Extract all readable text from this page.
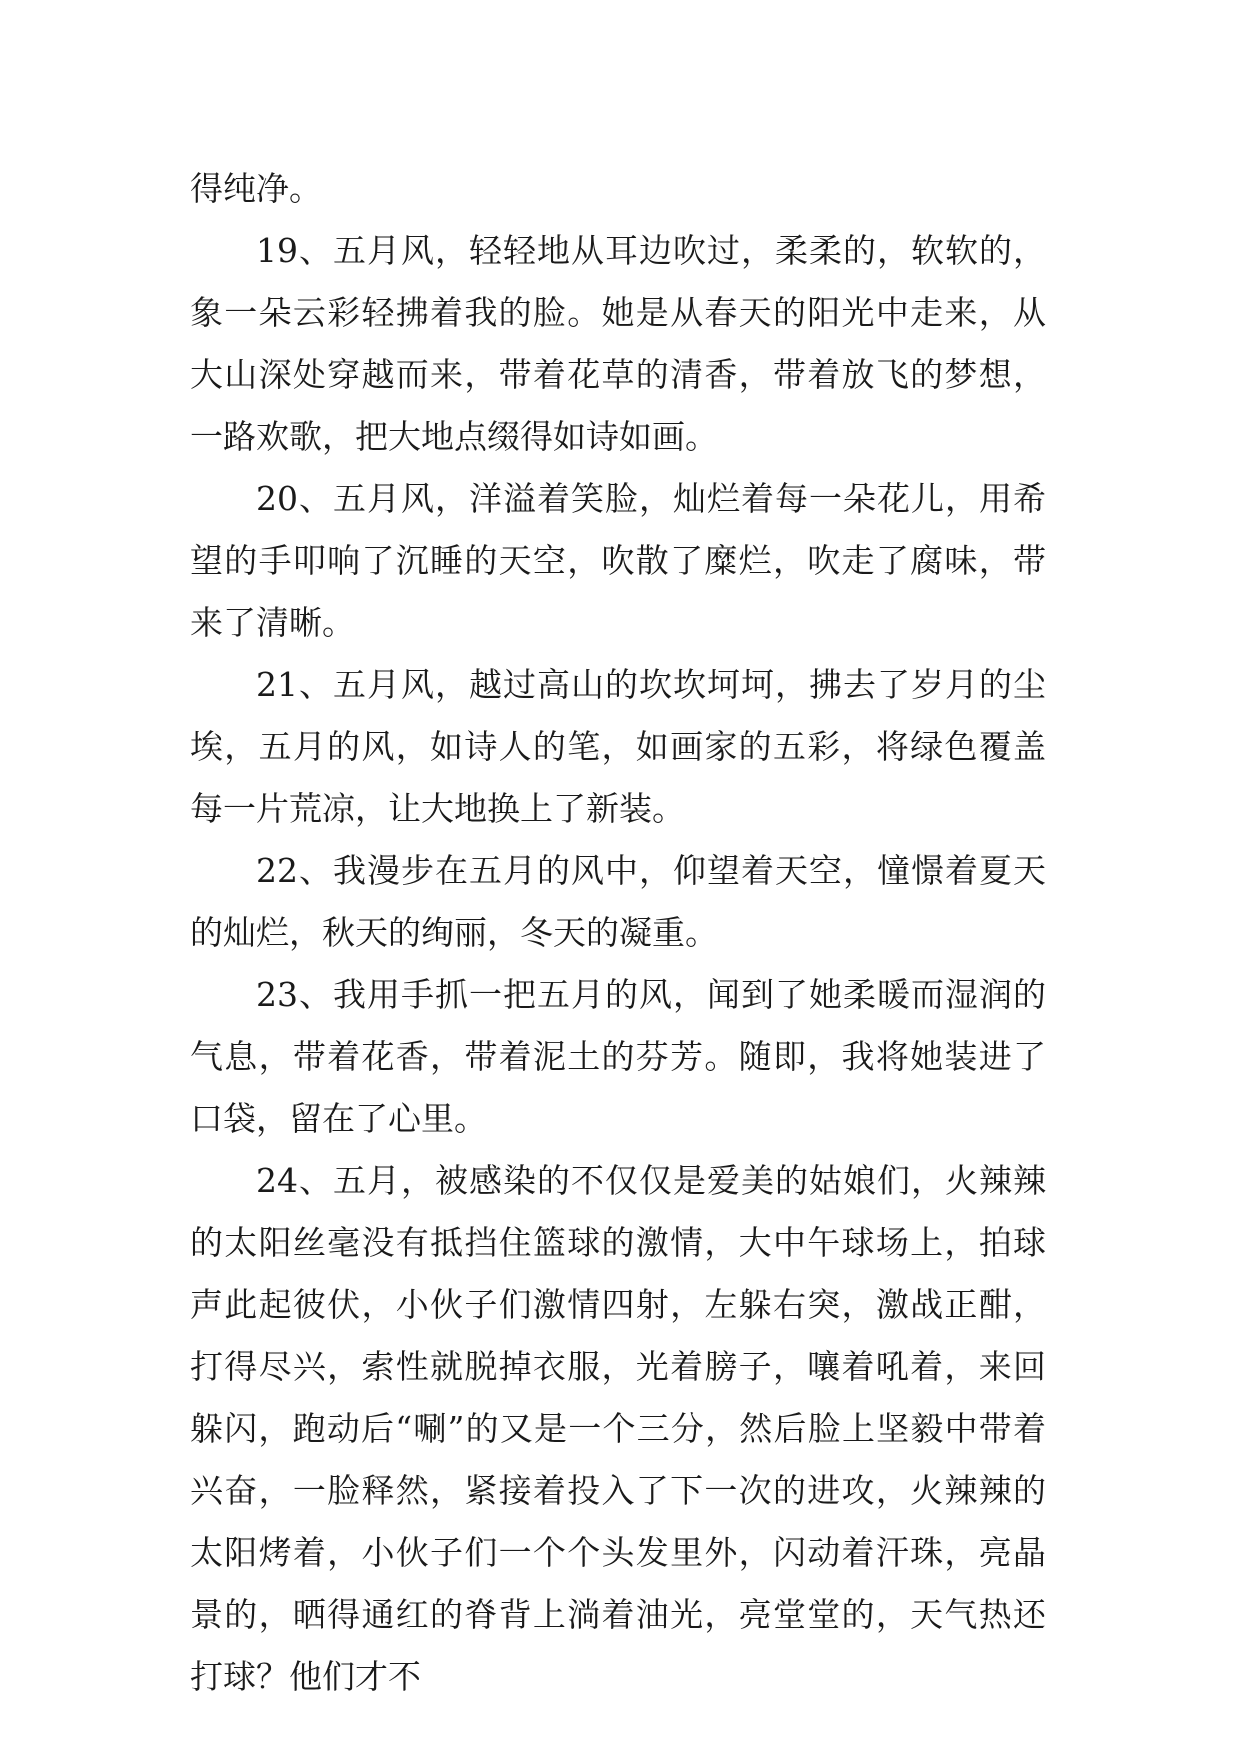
得纯净。

19、五月风，轻轻地从耳边吹过，柔柔的，软软的，象一朵云彩轻拂着我的脸。她是从春天的阳光中走来，从大山深处穿越而来，带着花草的清香，带着放飞的梦想，一路欢歌，把大地点缀得如诗如画。

20、五月风，洋溢着笑脸，灿烂着每一朵花儿，用希望的手叩响了沉睡的天空，吹散了糜烂，吹走了腐味，带来了清晰。

21、五月风，越过高山的坎坎坷坷，拂去了岁月的尘埃，五月的风，如诗人的笔，如画家的五彩，将绿色覆盖每一片荒凉，让大地换上了新装。

22、我漫步在五月的风中，仰望着天空，憧憬着夏天的灿烂，秋天的绚丽，冬天的凝重。

23、我用手抓一把五月的风，闻到了她柔暖而湿润的气息，带着花香，带着泥土的芬芳。随即，我将她装进了口袋，留在了心里。

24、五月，被感染的不仅仅是爱美的姑娘们，火辣辣的太阳丝毫没有抵挡住篮球的激情，大中午球场上，拍球声此起彼伏，小伙子们激情四射，左躲右突，激战正酣，打得尽兴，索性就脱掉衣服，光着膀子，嚷着吼着，来回躲闪，跑动后“唰”的又是一个三分，然后脸上坚毅中带着兴奋，一脸释然，紧接着投入了下一次的进攻，火辣辣的太阳烤着，小伙子们一个个头发里外，闪动着汗珠，亮晶景的，晒得通红的脊背上淌着油光，亮堂堂的，天气热还打球？他们才不
